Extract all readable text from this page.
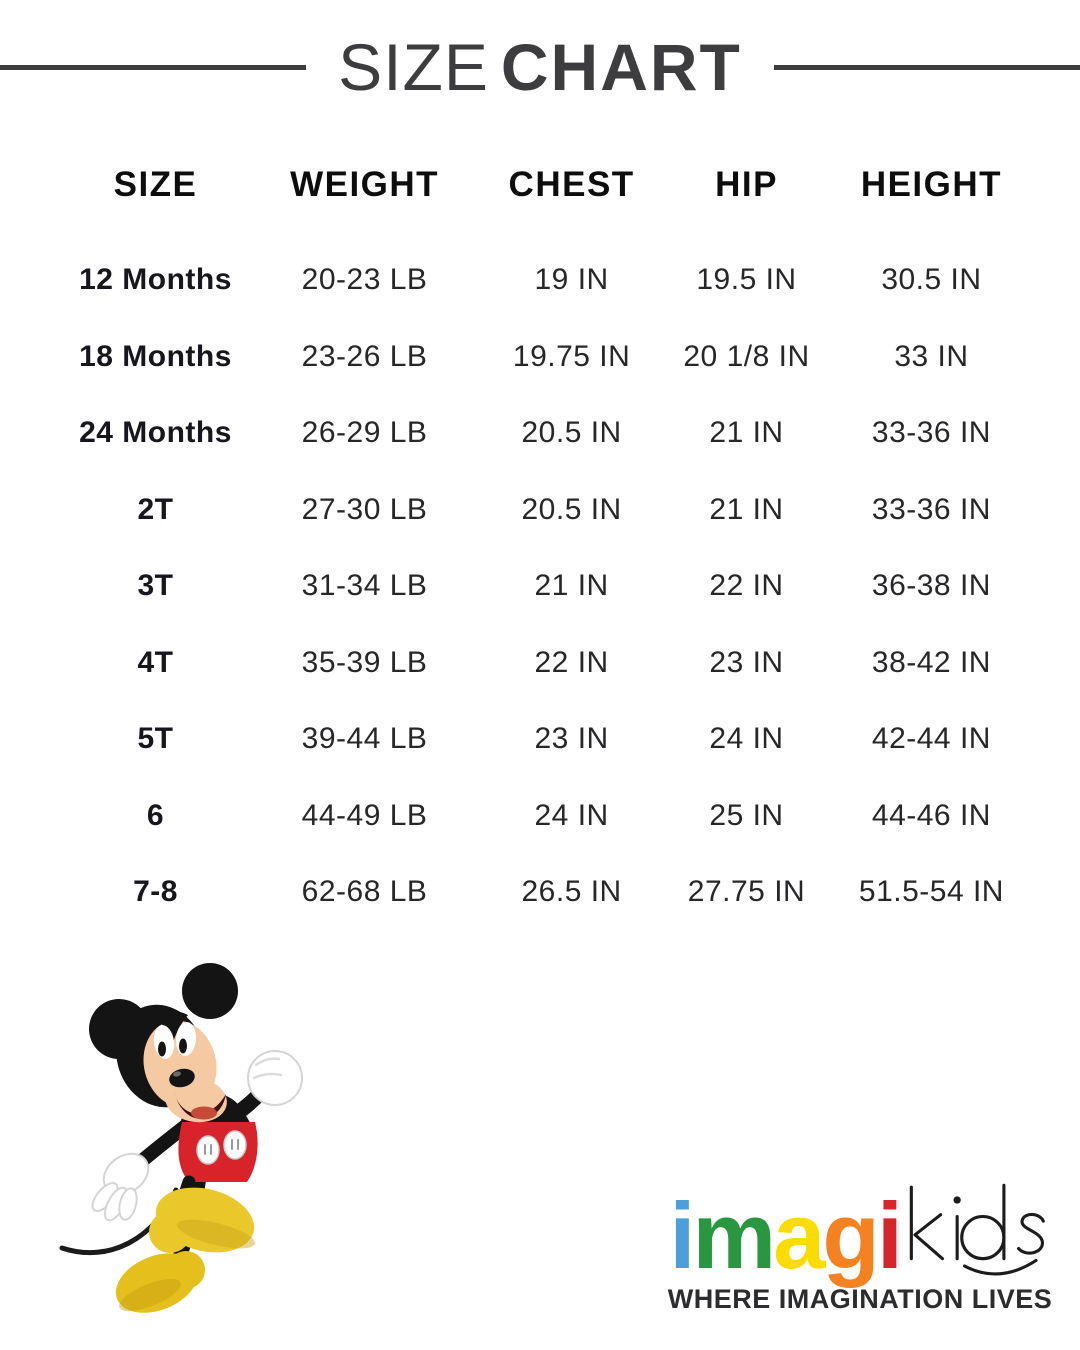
SIZE CHART
SIZE	WEIGHT	CHEST	HIP	HEIGHT
12 Months	20-23 LB	19 IN	19.5 IN	30.5 IN
18 Months	23-26 LB	19.75 IN	20 1/8 IN	33 IN
24 Months	26-29 LB	20.5 IN	21 IN	33-36 IN
2T	27-30 LB	20.5 IN	21 IN	33-36 IN
3T	31-34 LB	21 IN	22 IN	36-38 IN
4T	35-39 LB	22 IN	23 IN	38-42 IN
5T	39-44 LB	23 IN	24 IN	42-44 IN
6	44-49 LB	24 IN	25 IN	44-46 IN
7-8	62-68 LB	26.5 IN	27.75 IN	51.5-54 IN
imagi
WHERE IMAGINATION LIVES
